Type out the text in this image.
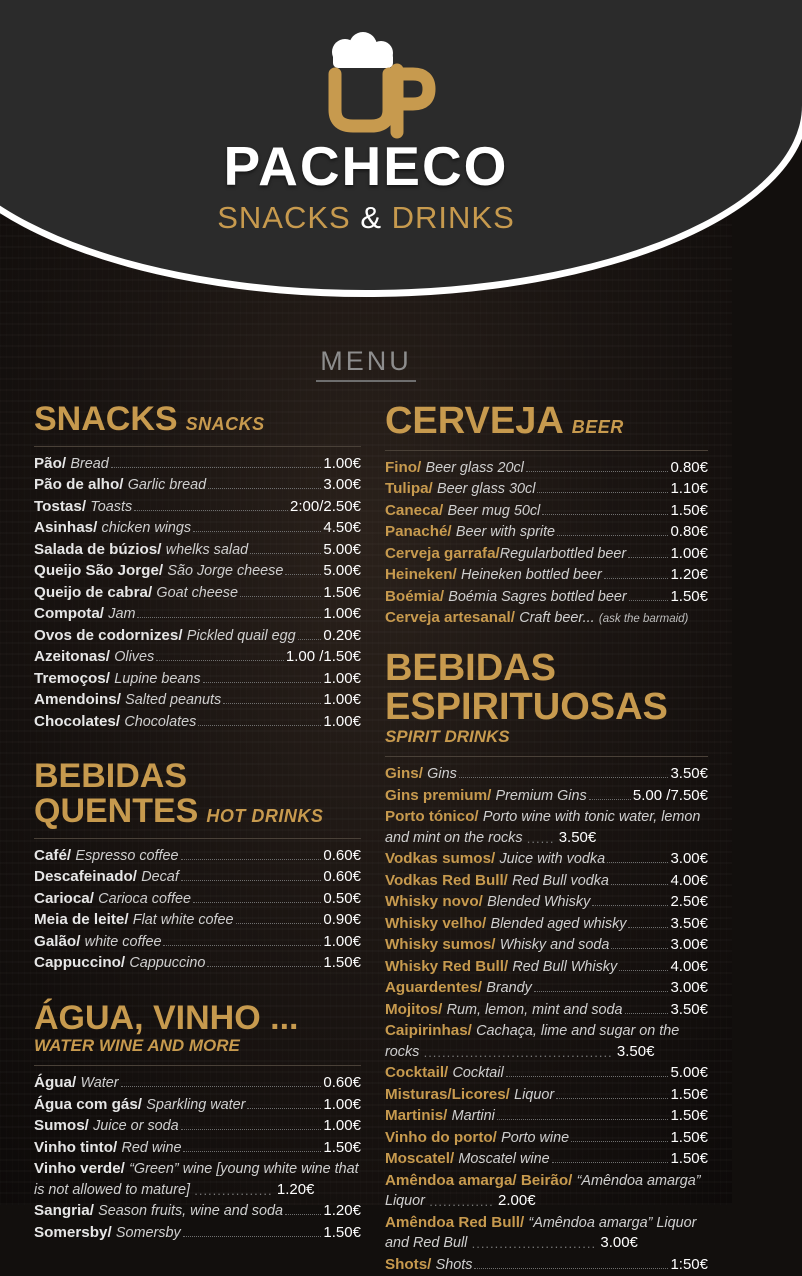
PACHECO
SNACKS & DRINKS
MENU
SNACKS SNACKS
Pão/ Bread	1.00€
Pão de alho/ Garlic bread	3.00€
Tostas/ Toasts	2:00/2.50€
Asinhas/ chicken wings	4.50€
Salada de búzios/ whelks salad	5.00€
Queijo São Jorge/ São Jorge cheese	5.00€
Queijo de cabra/ Goat cheese	1.50€
Compota/ Jam	1.00€
Ovos de codornizes/ Pickled quail egg 0.20€
Azeitonas/ Olives	1.00 /1.50€
Tremoços/ Lupine beans	1.00€
Amendoins/ Salted peanuts	1.00€
Chocolates/ Chocolates	1.00€
BEBIDAS
QUENTES HOT DRINKS
Café/ Espresso coffee	0.60€
Descafeinado/ Decaf	0.60€
Carioca/ Carioca coffee	0.50€
Meia de leite/ Flat white cofee	0.90€
Galão/ white coffee	1.00€
Cappuccino/ Cappuccino	1.50€
ÁGUA, VINHO ...
WATER WINE AND MORE
Água/ Water	0.60€
Água com gás/ Sparkling water	1.00€
Sumos/ Juice or soda	1.00€
Vinho tinto/ Red wine	1.50€
Vinho verde/ “Green” wine [young white wine that is not allowed to mature] ................. 1.20€
Sangria/ Season fruits, wine and soda	1.20€
Somersby/ Somersby	1.50€
CERVEJA BEER
Fino/ Beer glass 20cl	0.80€
Tulipa/ Beer glass 30cl	1.10€
Caneca/ Beer mug 50cl	1.50€
Panaché/ Beer with sprite	0.80€
Cerveja garrafa/Regularbottled beer	1.00€
Heineken/ Heineken bottled beer	1.20€
Boémia/ Boémia Sagres bottled beer	1.50€
Cerveja artesanal/ Craft beer... (ask the barmaid)
BEBIDAS
ESPIRITUOSAS
SPIRIT DRINKS
Gins/ Gins	3.50€
Gins premium/ Premium Gins	5.00 /7.50€
Porto tónico/ Porto wine with tonic water, lemon and mint on the rocks ...... 3.50€
Vodkas sumos/ Juice with vodka	3.00€
Vodkas Red Bull/ Red Bull vodka	4.00€
Whisky novo/ Blended Whisky	2.50€
Whisky velho/ Blended aged whisky	3.50€
Whisky sumos/ Whisky and soda	3.00€
Whisky Red Bull/ Red Bull Whisky	4.00€
Aguardentes/ Brandy	3.00€
Mojitos/ Rum, lemon, mint and soda	3.50€
Caipirinhas/ Cachaça, lime and sugar on the rocks ......................................... 3.50€
Cocktail/ Cocktail	5.00€
Misturas/Licores/ Liquor	1.50€
Martinis/ Martini	1.50€
Vinho do porto/ Porto wine	1.50€
Moscatel/ Moscatel wine	1.50€
Amêndoa amarga/ Beirão/ “Amêndoa amarga” Liquor .............. 2.00€
Amêndoa Red Bull/ “Amêndoa amarga” Liquor and Red Bull ........................... 3.00€
Shots/ Shots	1:50€
